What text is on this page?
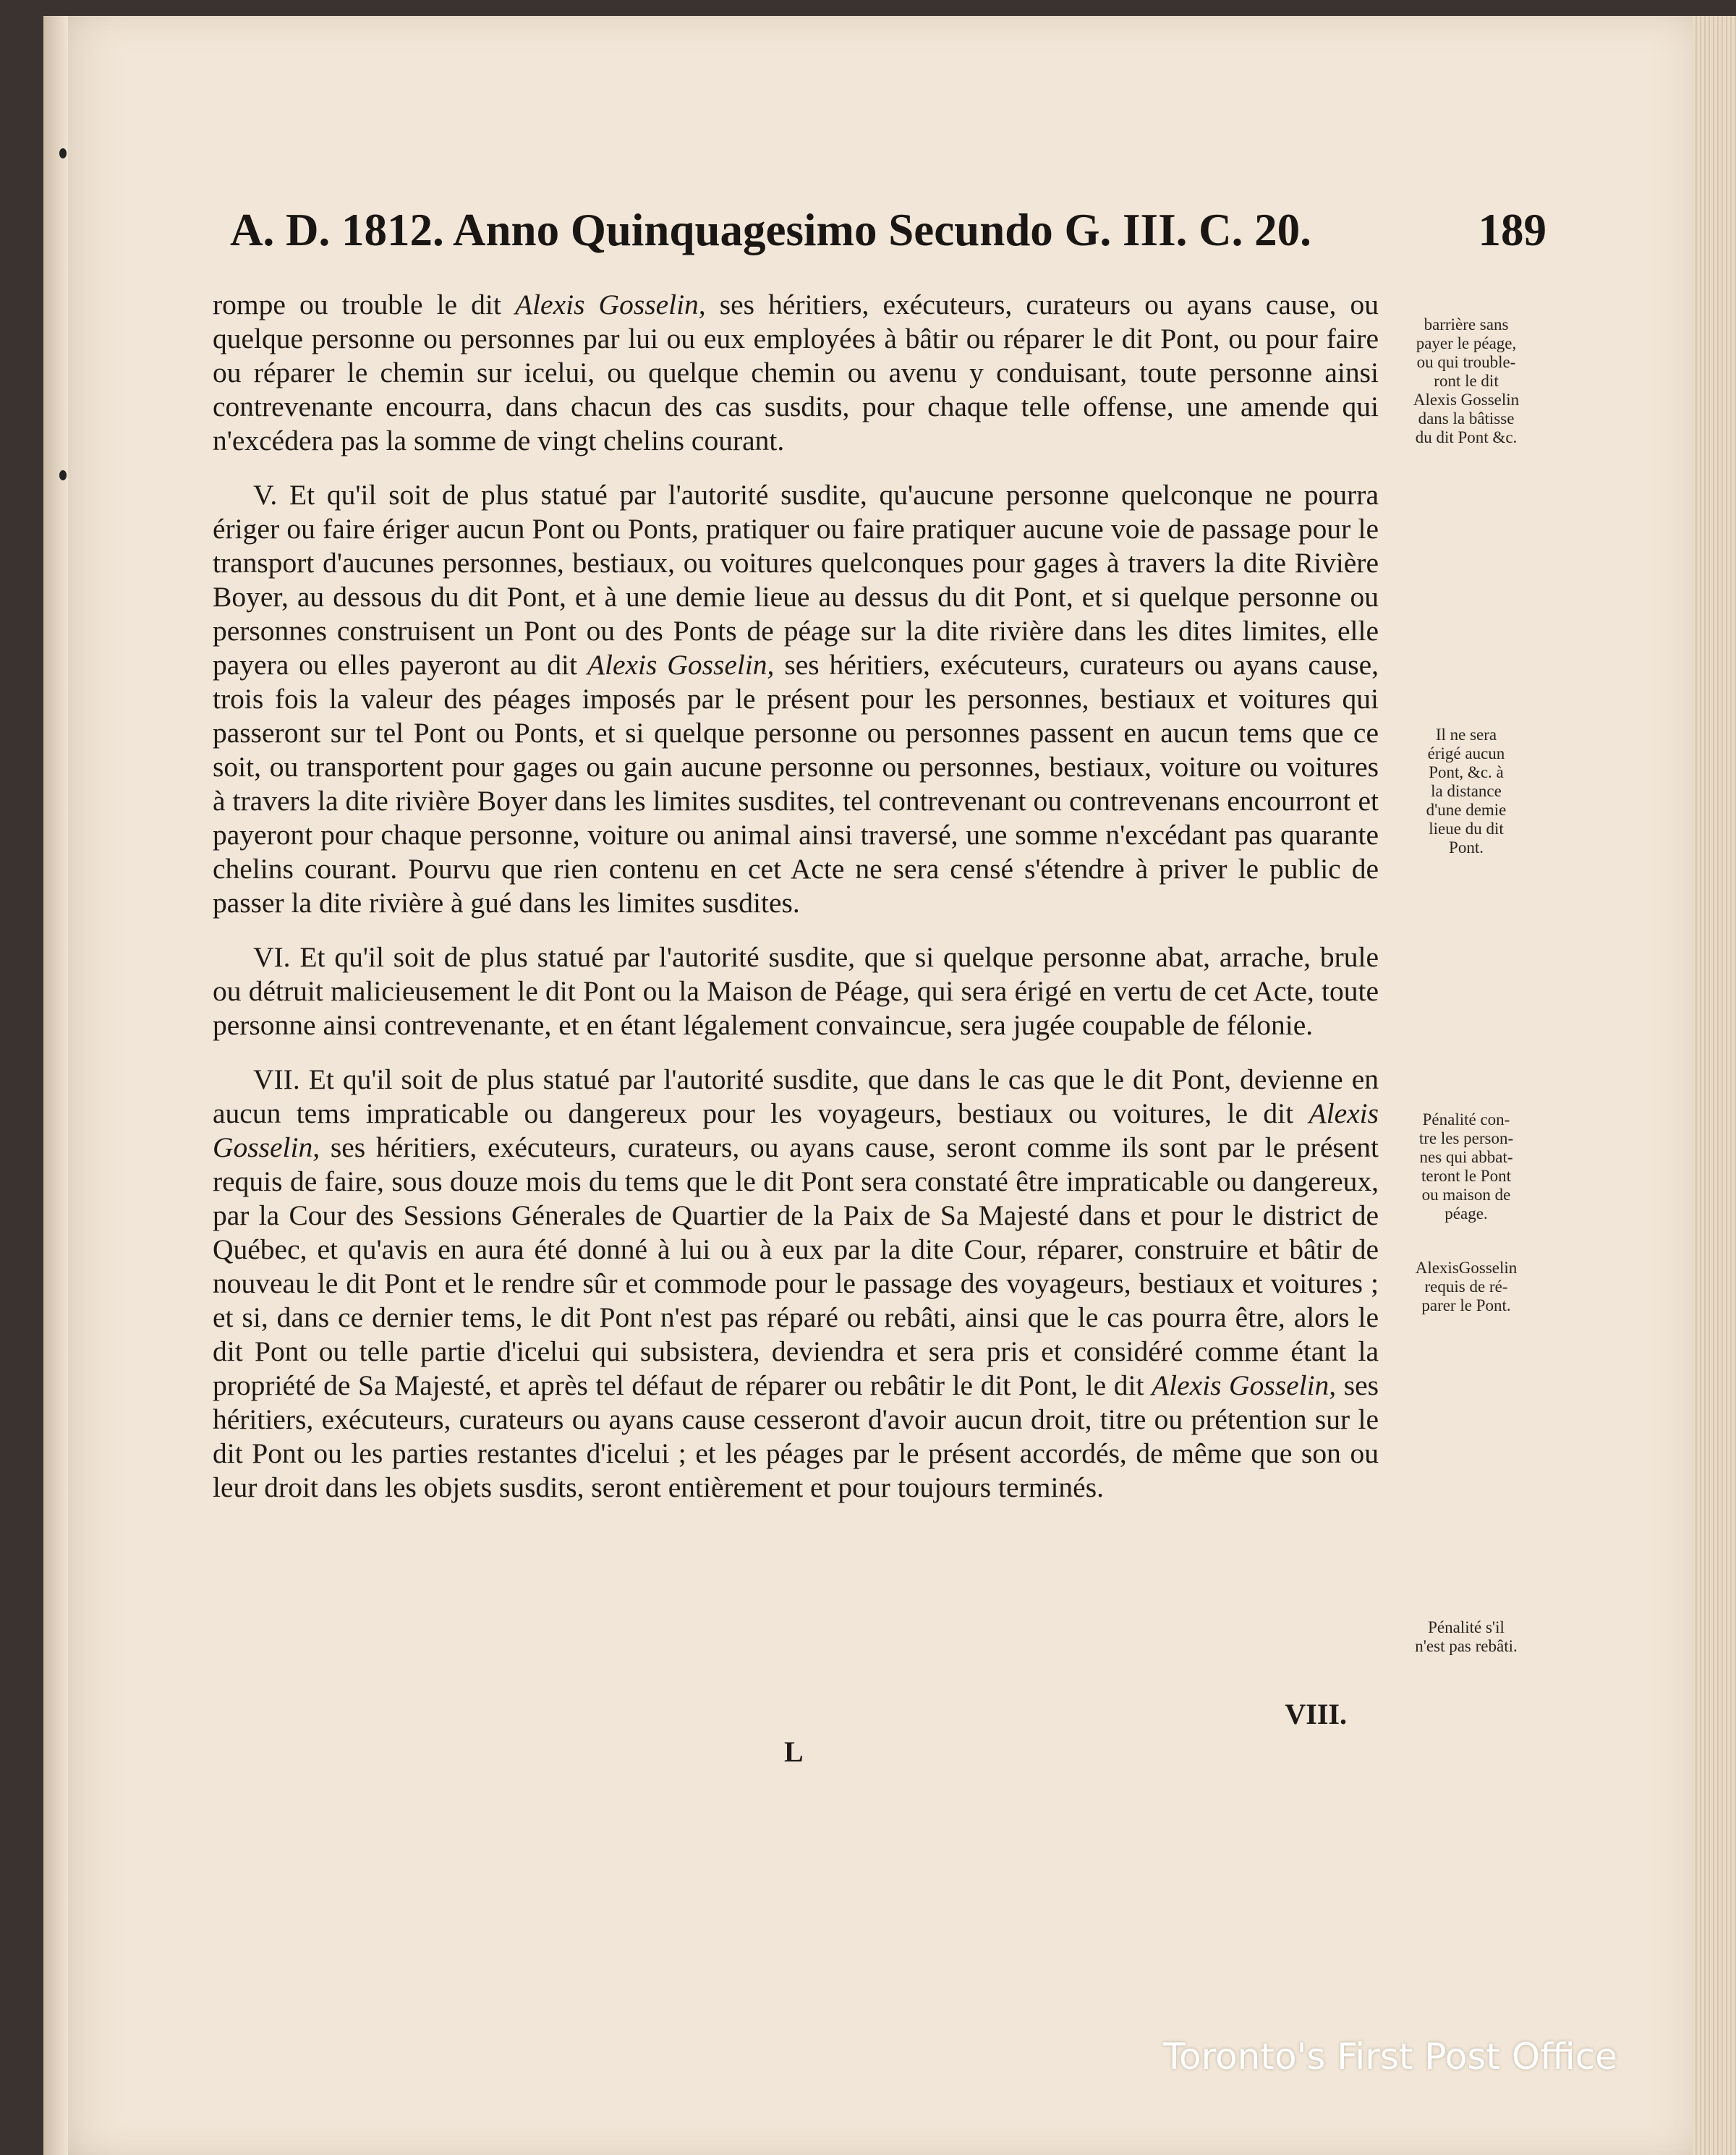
A. D. 1812. Anno Quinquagesimo Secundo G. III. C. 20.	189

rompe ou trouble le dit Alexis Gosselin, ses héritiers, exécuteurs, curateurs ou ayans cause, ou quelque personne ou personnes par lui ou eux employées à bâtir ou réparer le dit Pont, ou pour faire ou réparer le chemin sur icelui, ou quelque chemin ou avenu y conduisant, toute personne ainsi contrevenante encourra, dans chacun des cas susdits, pour chaque telle offense, une amende qui n'excédera pas la somme de vingt chelins courant.

V. Et qu'il soit de plus statué par l'autorité susdite, qu'aucune personne quelconque ne pourra ériger ou faire ériger aucun Pont ou Ponts, pratiquer ou faire pratiquer aucune voie de passage pour le transport d'aucunes personnes, bestiaux, ou voitures quelconques pour gages à travers la dite Rivière Boyer, au dessous du dit Pont, et à une demie lieue au dessus du dit Pont, et si quelque personne ou personnes construisent un Pont ou des Ponts de péage sur la dite rivière dans les dites limites, elle payera ou elles payeront au dit Alexis Gosselin, ses héritiers, exécuteurs, curateurs ou ayans cause, trois fois la valeur des péages imposés par le présent pour les personnes, bestiaux et voitures qui passeront sur tel Pont ou Ponts, et si quelque personne ou personnes passent en aucun tems que ce soit, ou transportent pour gages ou gain aucune personne ou personnes, bestiaux, voiture ou voitures à travers la dite rivière Boyer dans les limites susdites, tel contrevenant ou contrevenans encourront et payeront pour chaque personne, voiture ou animal ainsi traversé, une somme n'excédant pas quarante chelins courant. Pourvu que rien contenu en cet Acte ne sera censé s'étendre à priver le public de passer la dite rivière à gué dans les limites susdites.

VI. Et qu'il soit de plus statué par l'autorité susdite, que si quelque personne abat, arrache, brule ou détruit malicieusement le dit Pont ou la Maison de Péage, qui sera érigé en vertu de cet Acte, toute personne ainsi contrevenante, et en étant légalement convaincue, sera jugée coupable de félonie.

VII. Et qu'il soit de plus statué par l'autorité susdite, que dans le cas que le dit Pont, devienne en aucun tems impraticable ou dangereux pour les voyageurs, bestiaux ou voitures, le dit Alexis Gosselin, ses héritiers, exécuteurs, curateurs, ou ayans cause, seront comme ils sont par le présent requis de faire, sous douze mois du tems que le dit Pont sera constaté être impraticable ou dangereux, par la Cour des Sessions Génerales de Quartier de la Paix de Sa Majesté dans et pour le district de Québec, et qu'avis en aura été donné à lui ou à eux par la dite Cour, réparer, construire et bâtir de nouveau le dit Pont et le rendre sûr et commode pour le passage des voyageurs, bestiaux et voitures ; et si, dans ce dernier tems, le dit Pont n'est pas réparé ou rebâti, ainsi que le cas pourra être, alors le dit Pont ou telle partie d'icelui qui subsistera, deviendra et sera pris et considéré comme étant la propriété de Sa Majesté, et après tel défaut de réparer ou rebâtir le dit Pont, le dit Alexis Gosselin, ses héritiers, exécuteurs, curateurs ou ayans cause cesseront d'avoir aucun droit, titre ou prétention sur le dit Pont ou les parties restantes d'icelui ; et les péages par le présent accordés, de même que son ou leur droit dans les objets susdits, seront entièrement et pour toujours terminés.

VIII.
L
barrière sans
payer le péage,
ou qui trouble-
ront le dit
Alexis Gosselin
dans la bâtisse
du dit Pont &c.
Il ne sera
érigé aucun
Pont, &c. à
la distance
d'une demie
lieue du dit
Pont.
Pénalité con-
tre les person-
nes qui abbat-
teront le Pont
ou maison de
péage.
AlexisGosselin
requis de ré-
parer le Pont.
Pénalité s'il
n'est pas rebâti.
Toronto's First Post Office
